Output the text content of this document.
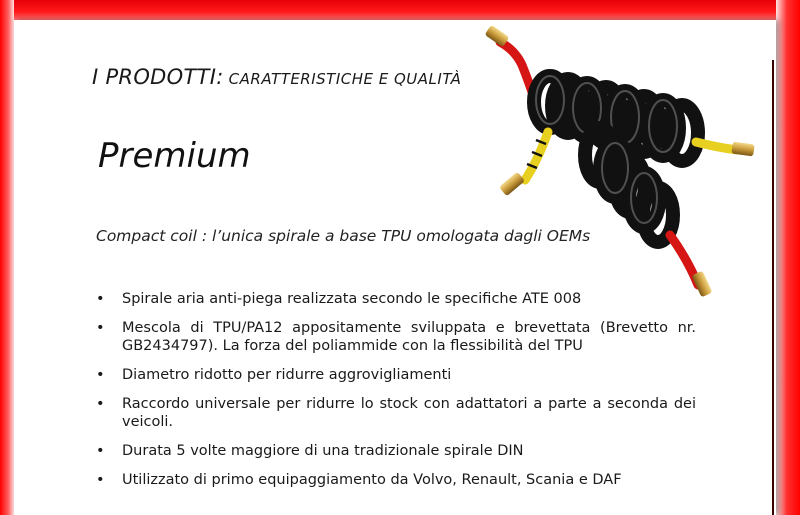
I PRODOTTI: CARATTERISTICHE E QUALITÀ
Premium
Compact coil : l’unica spirale a base TPU omologata dagli OEMs
• Spirale aria anti-piega realizzata secondo le specifiche ATE 008
• Mescola di TPU/PA12 appositamente sviluppata e brevettata (Brevetto nr. GB2434797). La forza del poliammide con la flessibilità del TPU
• Diametro ridotto per ridurre aggrovigliamenti
• Raccordo universale per ridurre lo stock con adattatori a parte a seconda dei veicoli.
• Durata 5 volte maggiore di una tradizionale spirale DIN
• Utilizzato di primo equipaggiamento da Volvo, Renault, Scania e DAF
